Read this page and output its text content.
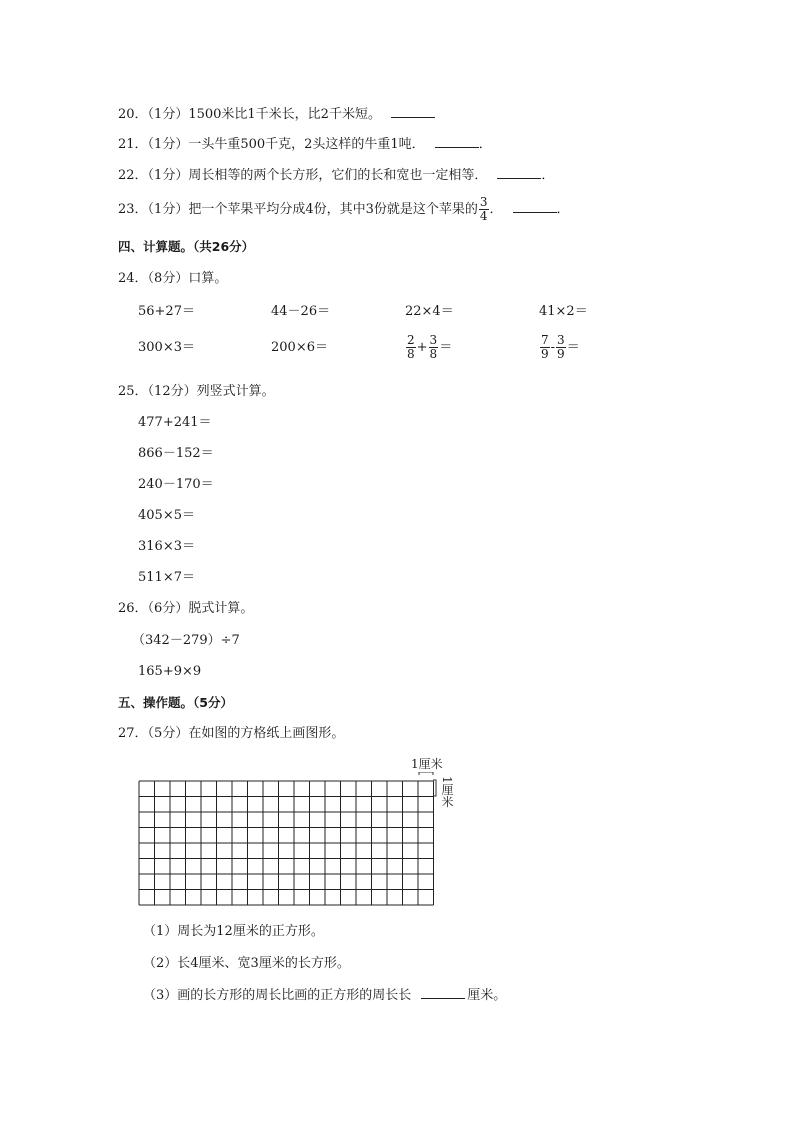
20．（1分）1500米比1千米长，比2千米短。
21．（1分）一头牛重500千克，2头这样的牛重1吨．	．
22．（1分）周长相等的两个长方形，它们的长和宽也一定相等．	．
23．（1分）把一个苹果平均分成4份，其中3份就是这个苹果的 $\frac{3}{4}$ ．	．
四、计算题。（共26分）
24．（8分）口算。
56+27＝	44－26＝	22×4＝	41×2＝
300×3＝	200×6＝	$\frac{2}{8} + \frac{3}{8}$ ＝	$\frac{7}{9} - \frac{3}{9}$ ＝
25．（12分）列竖式计算。
477+241＝
866－152＝
240－170＝
405×5＝
316×3＝
511×7＝
26．（6分）脱式计算。
（342－279）÷7
165+9×9
五、操作题。（5分）
27．（5分）在如图的方格纸上画图形。
1厘米
1厘米
（1）周长为12厘米的正方形。
（2）长4厘米、宽3厘米的长方形。
（3）画的长方形的周长比画的正方形的周长长	厘米。
